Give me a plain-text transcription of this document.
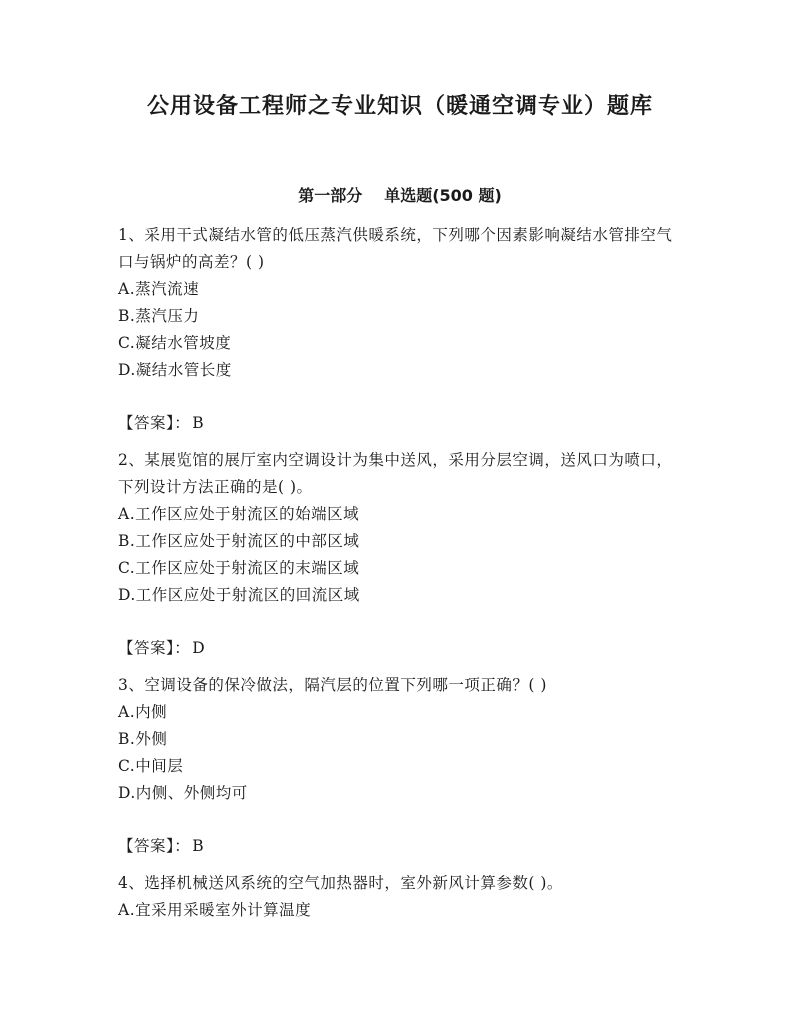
公用设备工程师之专业知识（暖通空调专业）题库
第一部分 单选题(500 题)

1、采用干式凝结水管的低压蒸汽供暖系统，下列哪个因素影响凝结水管排空气口与锅炉的高差？( )

A.蒸汽流速

B.蒸汽压力

C.凝结水管坡度

D.凝结水管长度

【答案】： B

2、某展览馆的展厅室内空调设计为集中送风，采用分层空调，送风口为喷口，下列设计方法正确的是( )。

A.工作区应处于射流区的始端区域

B.工作区应处于射流区的中部区域

C.工作区应处于射流区的末端区域

D.工作区应处于射流区的回流区域

【答案】： D

3、空调设备的保冷做法，隔汽层的位置下列哪一项正确？( )

A.内侧

B.外侧

C.中间层

D.内侧、外侧均可

【答案】： B

4、选择机械送风系统的空气加热器时，室外新风计算参数( )。

A.宜采用采暖室外计算温度
